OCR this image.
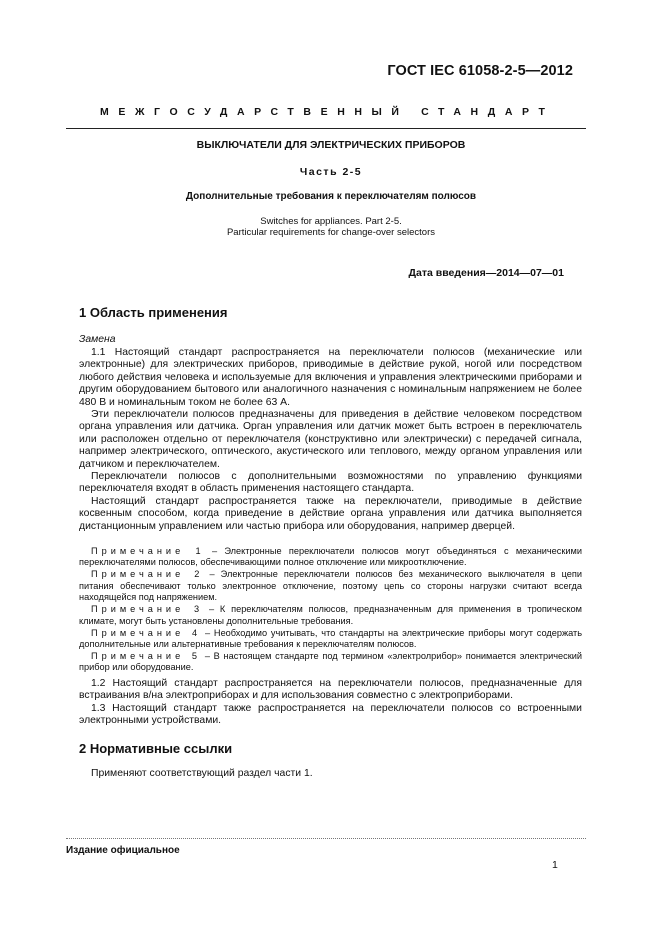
ГОСТ IEC 61058-2-5—2012
МЕЖГОСУДАРСТВЕННЫЙ СТАНДАРТ
ВЫКЛЮЧАТЕЛИ ДЛЯ ЭЛЕКТРИЧЕСКИХ ПРИБОРОВ
Часть 2-5
Дополнительные требования к переключателям полюсов
Switches for appliances. Part 2-5.
Particular requirements for change-over selectors
Дата введения—2014—07—01
1 Область применения
Замена

1.1 Настоящий стандарт распространяется на переключатели полюсов (механические или электронные) для электрических приборов, приводимые в действие рукой, ногой или посредством любого действия человека и используемые для включения и управления электрическими приборами и другим оборудованием бытового или аналогичного назначения с номинальным напряжением не более 480 В и номинальным током не более 63 А.

Эти переключатели полюсов предназначены для приведения в действие человеком посредством органа управления или датчика. Орган управления или датчик может быть встроен в переключатель или расположен отдельно от переключателя (конструктивно или электрически) с передачей сигнала, например электрического, оптического, акустического или теплового, между органом управления или датчиком и переключателем.

Переключатели полюсов с дополнительными возможностями по управлению функциями переключателя входят в область применения настоящего стандарта.

Настоящий стандарт распространяется также на переключатели, приводимые в действие косвенным способом, когда приведение в действие органа управления или датчика выполняется дистанционным управлением или частью прибора или оборудования, например дверцей.

Примечание 1 – Электронные переключатели полюсов могут объединяться с механическими переключателями полюсов, обеспечивающими полное отключение или микроотключение.

Примечание 2 – Электронные переключатели полюсов без механического выключателя в цепи питания обеспечивают только электронное отключение, поэтому цепь со стороны нагрузки считают всегда находящейся под напряжением.

Примечание 3 – К переключателям полюсов, предназначенным для применения в тропическом климате, могут быть установлены дополнительные требования.

Примечание 4 – Необходимо учитывать, что стандарты на электрические приборы могут содержать дополнительные или альтернативные требования к переключателям полюсов.

Примечание 5 – В настоящем стандарте под термином «электролрибор» понимается электрический прибор или оборудование.

1.2 Настоящий стандарт распространяется на переключатели полюсов, предназначенные для встраивания в/на электроприборах и для использования совместно с электроприборами.

1.3 Настоящий стандарт также распространяется на переключатели полюсов со встроенными электронными устройствами.

2 Нормативные ссылки

Применяют соответствующий раздел части 1.

Издание официальное
1
